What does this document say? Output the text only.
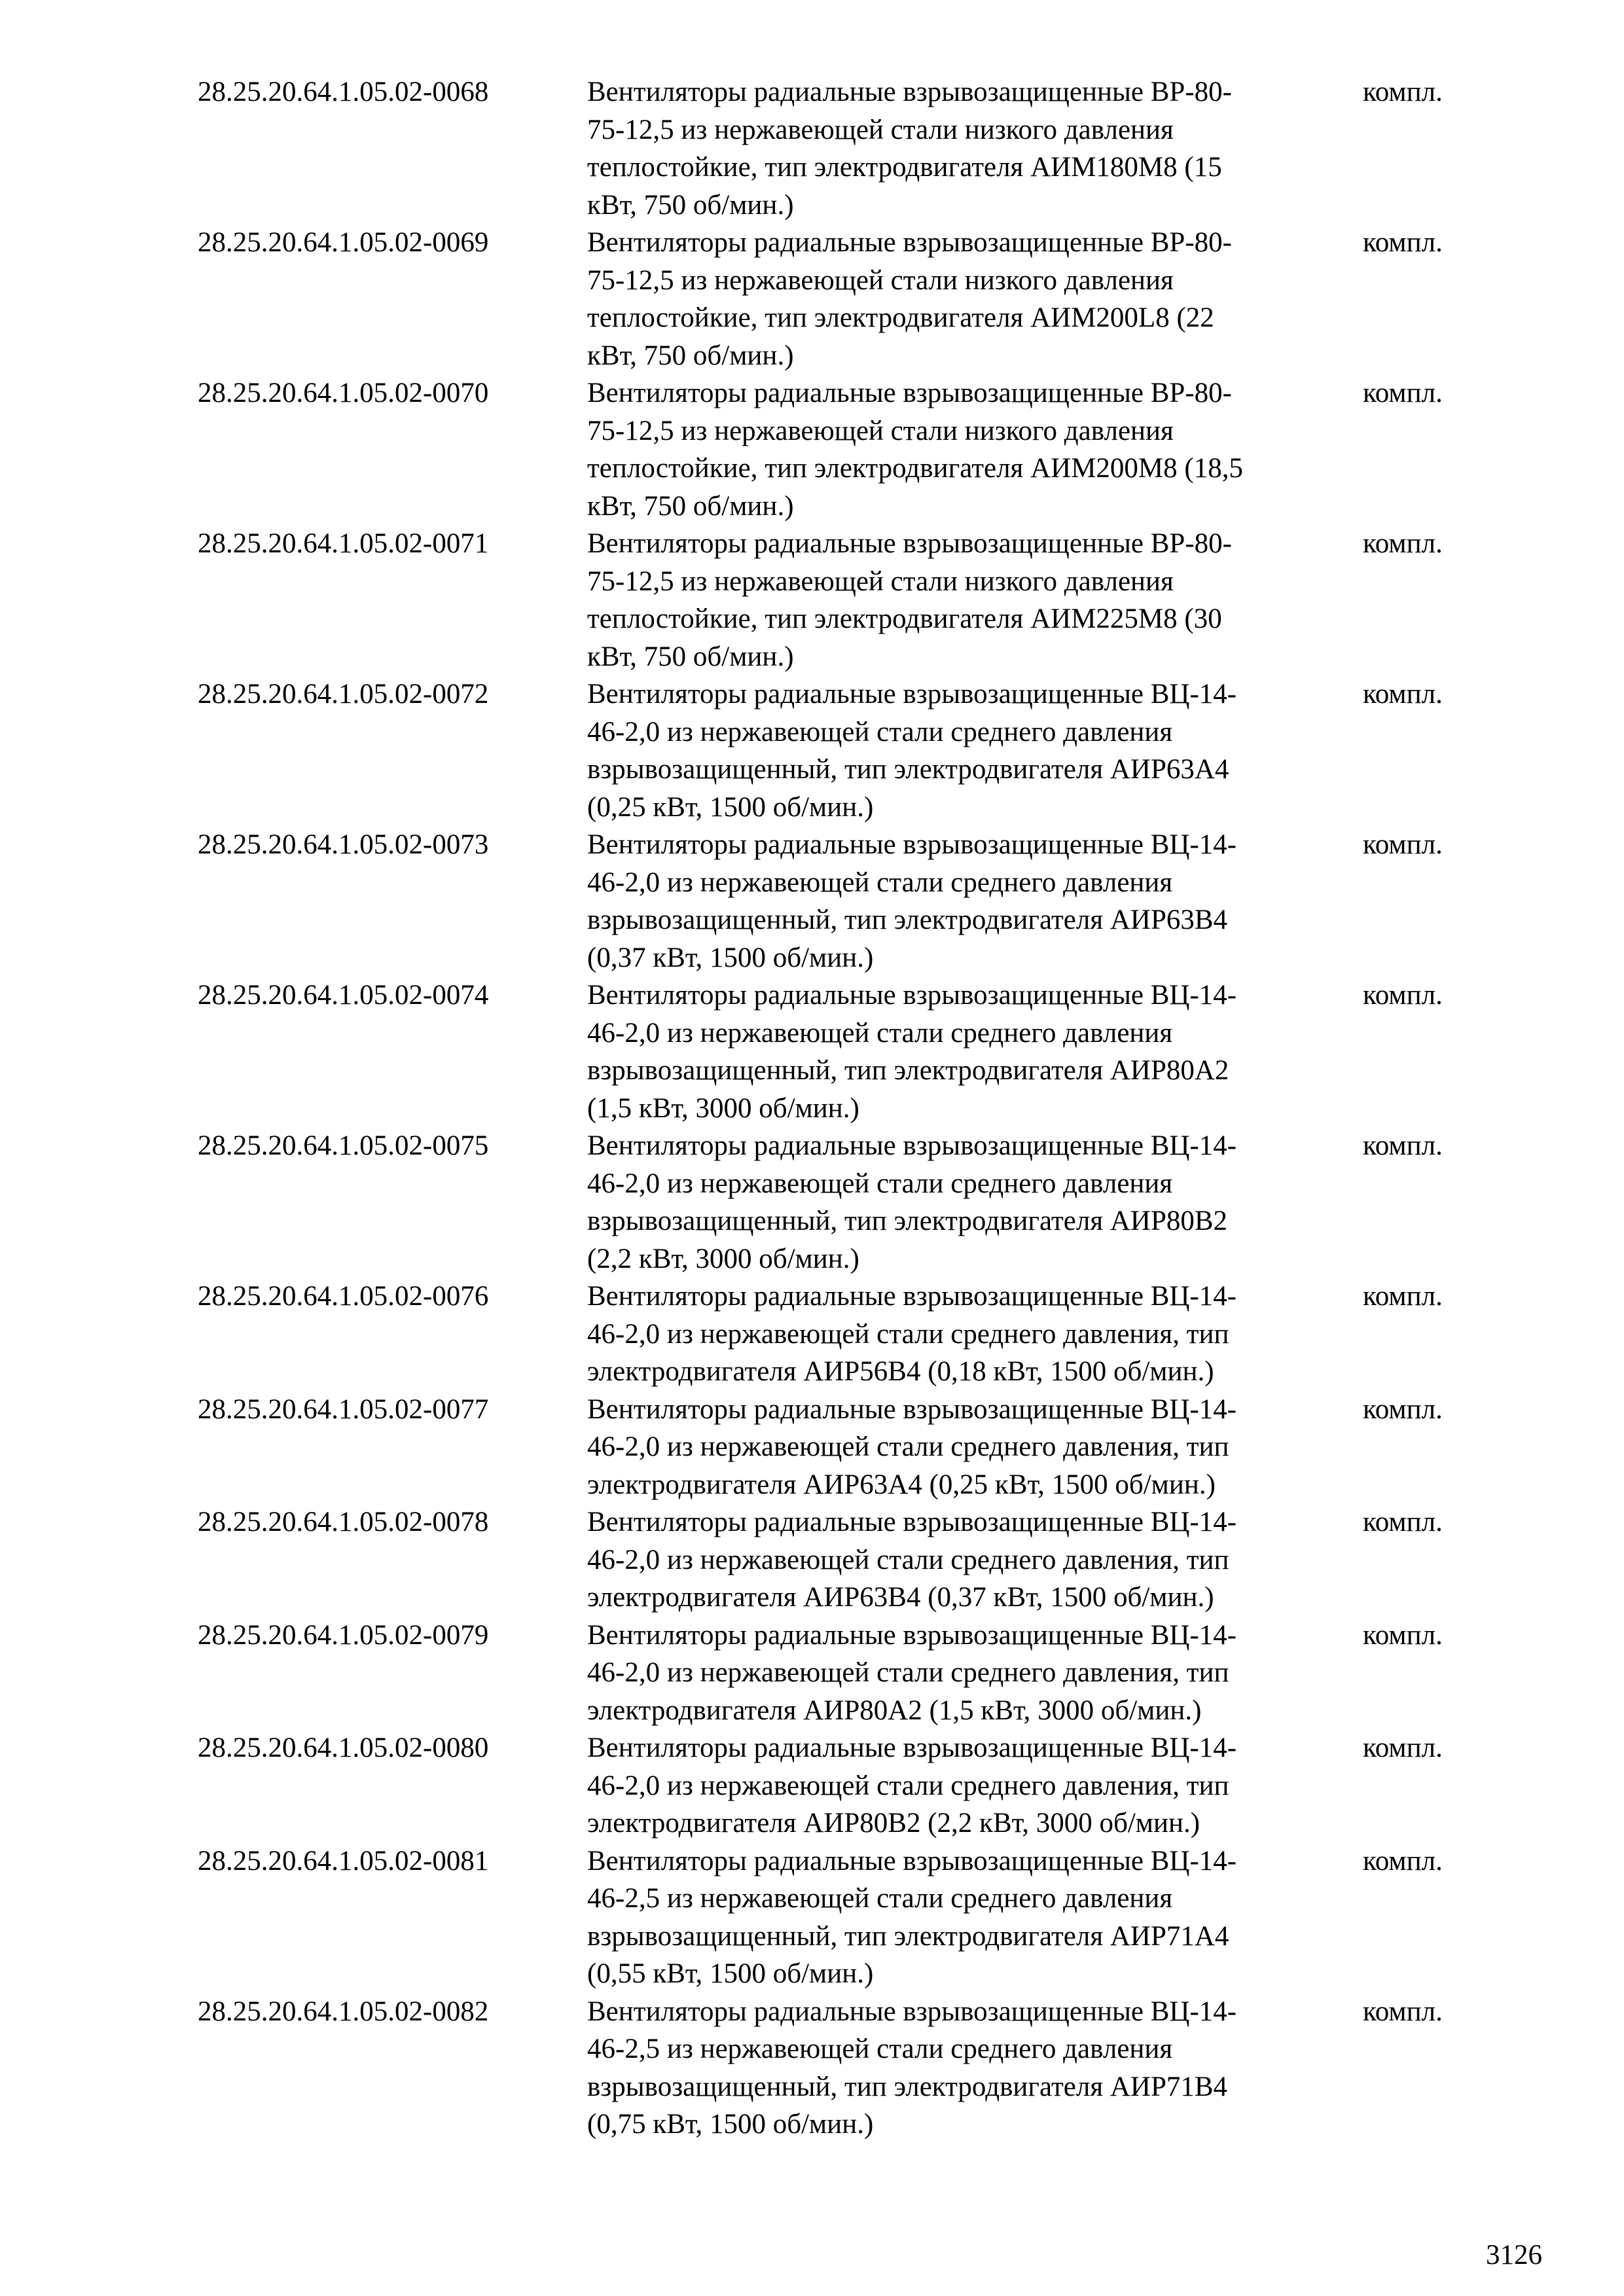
28.25.20.64.1.05.02-0068	Вентиляторы радиальные взрывозащищенные ВР-80-
75-12,5 из нержавеющей стали низкого давления
теплостойкие, тип электродвигателя АИМ180М8 (15
кВт, 750 об/мин.)
компл.
28.25.20.64.1.05.02-0069	Вентиляторы радиальные взрывозащищенные ВР-80-
75-12,5 из нержавеющей стали низкого давления
теплостойкие, тип электродвигателя АИМ200L8 (22
кВт, 750 об/мин.)
компл.
28.25.20.64.1.05.02-0070	Вентиляторы радиальные взрывозащищенные ВР-80-
75-12,5 из нержавеющей стали низкого давления
теплостойкие, тип электродвигателя АИМ200М8 (18,5
кВт, 750 об/мин.)
компл.
28.25.20.64.1.05.02-0071	Вентиляторы радиальные взрывозащищенные ВР-80-
75-12,5 из нержавеющей стали низкого давления
теплостойкие, тип электродвигателя АИМ225М8 (30
кВт, 750 об/мин.)
компл.
28.25.20.64.1.05.02-0072	Вентиляторы радиальные взрывозащищенные ВЦ-14-
46-2,0 из нержавеющей стали среднего давления
взрывозащищенный, тип электродвигателя АИР63А4
(0,25 кВт, 1500 об/мин.)
компл.
28.25.20.64.1.05.02-0073	Вентиляторы радиальные взрывозащищенные ВЦ-14-
46-2,0 из нержавеющей стали среднего давления
взрывозащищенный, тип электродвигателя АИР63В4
(0,37 кВт, 1500 об/мин.)
компл.
28.25.20.64.1.05.02-0074	Вентиляторы радиальные взрывозащищенные ВЦ-14-
46-2,0 из нержавеющей стали среднего давления
взрывозащищенный, тип электродвигателя АИР80А2
(1,5 кВт, 3000 об/мин.)
компл.
28.25.20.64.1.05.02-0075	Вентиляторы радиальные взрывозащищенные ВЦ-14-
46-2,0 из нержавеющей стали среднего давления
взрывозащищенный, тип электродвигателя АИР80В2
(2,2 кВт, 3000 об/мин.)
компл.
28.25.20.64.1.05.02-0076	Вентиляторы радиальные взрывозащищенные ВЦ-14-
46-2,0 из нержавеющей стали среднего давления, тип
электродвигателя АИР56В4 (0,18 кВт, 1500 об/мин.)
компл.
28.25.20.64.1.05.02-0077	Вентиляторы радиальные взрывозащищенные ВЦ-14-
46-2,0 из нержавеющей стали среднего давления, тип
электродвигателя АИР63А4 (0,25 кВт, 1500 об/мин.)
компл.
28.25.20.64.1.05.02-0078	Вентиляторы радиальные взрывозащищенные ВЦ-14-
46-2,0 из нержавеющей стали среднего давления, тип
электродвигателя АИР63В4 (0,37 кВт, 1500 об/мин.)
компл.
28.25.20.64.1.05.02-0079	Вентиляторы радиальные взрывозащищенные ВЦ-14-
46-2,0 из нержавеющей стали среднего давления, тип
электродвигателя АИР80А2 (1,5 кВт, 3000 об/мин.)
компл.
28.25.20.64.1.05.02-0080	Вентиляторы радиальные взрывозащищенные ВЦ-14-
46-2,0 из нержавеющей стали среднего давления, тип
электродвигателя АИР80В2 (2,2 кВт, 3000 об/мин.)
компл.
28.25.20.64.1.05.02-0081	Вентиляторы радиальные взрывозащищенные ВЦ-14-
46-2,5 из нержавеющей стали среднего давления
взрывозащищенный, тип электродвигателя АИР71А4
(0,55 кВт, 1500 об/мин.)
компл.
28.25.20.64.1.05.02-0082	Вентиляторы радиальные взрывозащищенные ВЦ-14-
46-2,5 из нержавеющей стали среднего давления
взрывозащищенный, тип электродвигателя АИР71В4
(0,75 кВт, 1500 об/мин.)
компл.
3126
